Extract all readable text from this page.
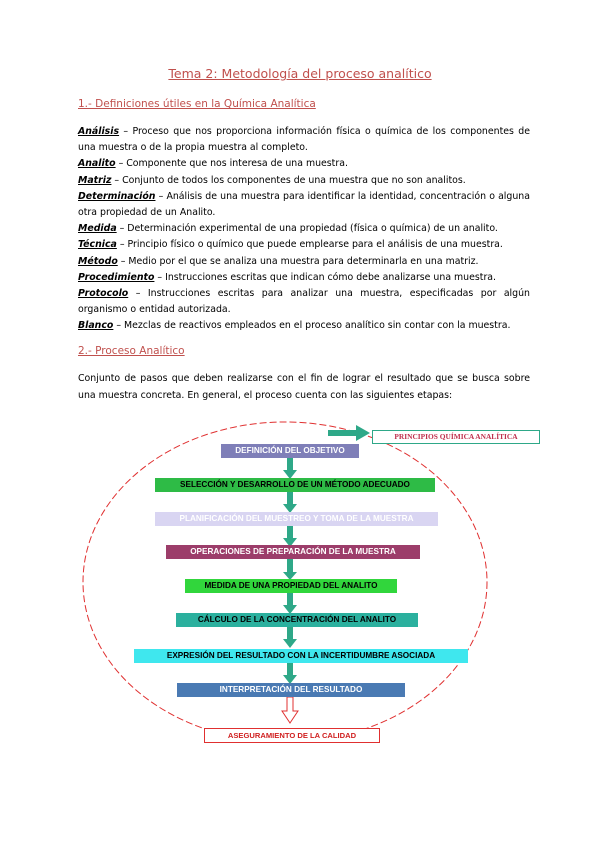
Tema 2: Metodología del proceso analítico
1.- Definiciones útiles en la Química Analítica

Análisis – Proceso que nos proporciona información física o química de los componentes de una muestra o de la propia muestra al completo.

Analito – Componente que nos interesa de una muestra.

Matriz – Conjunto de todos los componentes de una muestra que no son analitos.

Determinación – Análisis de una muestra para identificar la identidad, concentración o alguna otra propiedad de un Analito.

Medida – Determinación experimental de una propiedad (física o química) de un analito.

Técnica – Principio físico o químico que puede emplearse para el análisis de una muestra.

Método – Medio por el que se analiza una muestra para determinarla en una matriz.

Procedimiento – Instrucciones escritas que indican cómo debe analizarse una muestra.

Protocolo – Instrucciones escritas para analizar una muestra, especificadas por algún organismo o entidad autorizada.

Blanco – Mezclas de reactivos empleados en el proceso analítico sin contar con la muestra.

2.- Proceso Analítico

Conjunto de pasos que deben realizarse con el fin de lograr el resultado que se busca sobre una muestra concreta. En general, el proceso cuenta con las siguientes etapas:

PRINCIPIOS QUÍMICA ANALÍTICA
DEFINICIÓN DEL OBJETIVO
SELECCIÓN Y DESARROLLO DE UN MÉTODO ADECUADO
PLANIFICACIÓN DEL MUESTREO Y TOMA DE LA MUESTRA
OPERACIONES DE PREPARACIÓN DE LA MUESTRA
MEDIDA DE UNA PROPIEDAD DEL ANALITO
CÁLCULO DE LA CONCENTRACIÓN DEL ANALITO
EXPRESIÓN DEL RESULTADO CON LA INCERTIDUMBRE ASOCIADA
INTERPRETACIÓN DEL RESULTADO
ASEGURAMIENTO DE LA CALIDAD
